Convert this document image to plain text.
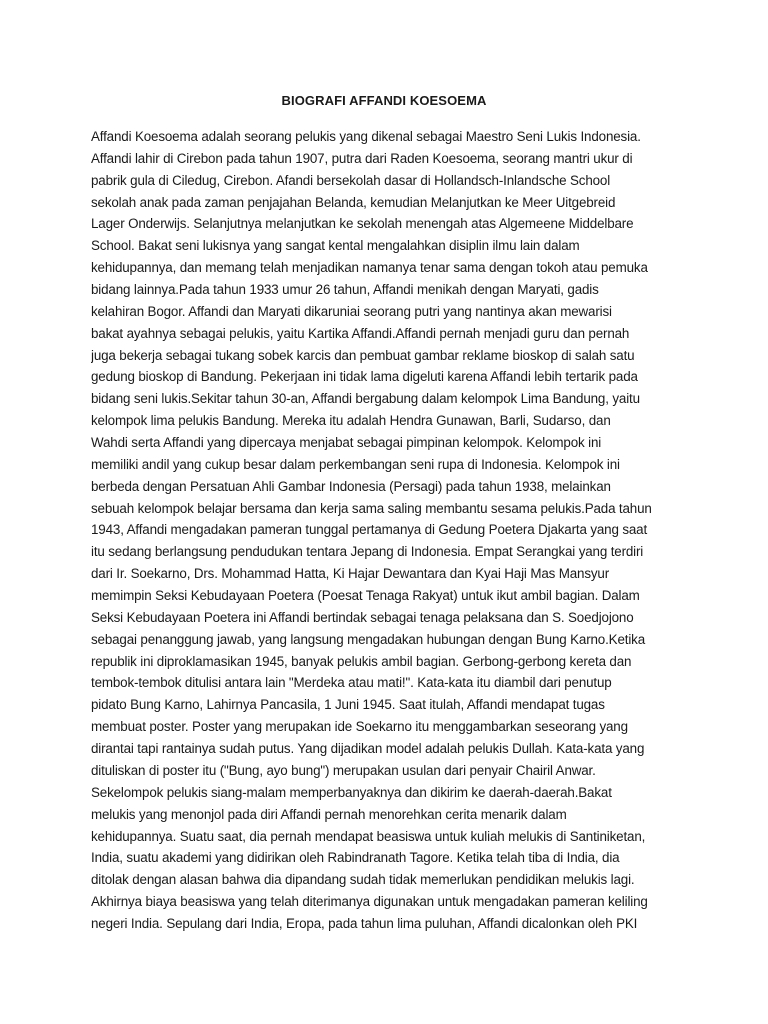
BIOGRAFI AFFANDI KOESOEMA
Affandi Koesoema adalah seorang pelukis yang dikenal sebagai Maestro Seni Lukis Indonesia.
Affandi lahir di Cirebon pada tahun 1907, putra dari Raden Koesoema, seorang mantri ukur di
pabrik gula di Ciledug, Cirebon. Afandi bersekolah dasar di Hollandsch-Inlandsche School
sekolah anak pada zaman penjajahan Belanda, kemudian Melanjutkan ke Meer Uitgebreid
Lager Onderwijs. Selanjutnya melanjutkan ke sekolah menengah atas Algemeene Middelbare
School. Bakat seni lukisnya yang sangat kental mengalahkan disiplin ilmu lain dalam
kehidupannya, dan memang telah menjadikan namanya tenar sama dengan tokoh atau pemuka
bidang lainnya.Pada tahun 1933 umur 26 tahun, Affandi menikah dengan Maryati, gadis
kelahiran Bogor. Affandi dan Maryati dikaruniai seorang putri yang nantinya akan mewarisi
bakat ayahnya sebagai pelukis, yaitu Kartika Affandi.Affandi pernah menjadi guru dan pernah
juga bekerja sebagai tukang sobek karcis dan pembuat gambar reklame bioskop di salah satu
gedung bioskop di Bandung. Pekerjaan ini tidak lama digeluti karena Affandi lebih tertarik pada
bidang seni lukis.Sekitar tahun 30-an, Affandi bergabung dalam kelompok Lima Bandung, yaitu
kelompok lima pelukis Bandung. Mereka itu adalah Hendra Gunawan, Barli, Sudarso, dan
Wahdi serta Affandi yang dipercaya menjabat sebagai pimpinan kelompok. Kelompok ini
memiliki andil yang cukup besar dalam perkembangan seni rupa di Indonesia. Kelompok ini
berbeda dengan Persatuan Ahli Gambar Indonesia (Persagi) pada tahun 1938, melainkan
sebuah kelompok belajar bersama dan kerja sama saling membantu sesama pelukis.Pada tahun
1943, Affandi mengadakan pameran tunggal pertamanya di Gedung Poetera Djakarta yang saat
itu sedang berlangsung pendudukan tentara Jepang di Indonesia. Empat Serangkai yang terdiri
dari Ir. Soekarno, Drs. Mohammad Hatta, Ki Hajar Dewantara dan Kyai Haji Mas Mansyur
memimpin Seksi Kebudayaan Poetera (Poesat Tenaga Rakyat) untuk ikut ambil bagian. Dalam
Seksi Kebudayaan Poetera ini Affandi bertindak sebagai tenaga pelaksana dan S. Soedjojono
sebagai penanggung jawab, yang langsung mengadakan hubungan dengan Bung Karno.Ketika
republik ini diproklamasikan 1945, banyak pelukis ambil bagian. Gerbong-gerbong kereta dan
tembok-tembok ditulisi antara lain "Merdeka atau mati!". Kata-kata itu diambil dari penutup
pidato Bung Karno, Lahirnya Pancasila, 1 Juni 1945. Saat itulah, Affandi mendapat tugas
membuat poster. Poster yang merupakan ide Soekarno itu menggambarkan seseorang yang
dirantai tapi rantainya sudah putus. Yang dijadikan model adalah pelukis Dullah. Kata-kata yang
dituliskan di poster itu ("Bung, ayo bung") merupakan usulan dari penyair Chairil Anwar.
Sekelompok pelukis siang-malam memperbanyaknya dan dikirim ke daerah-daerah.Bakat
melukis yang menonjol pada diri Affandi pernah menorehkan cerita menarik dalam
kehidupannya. Suatu saat, dia pernah mendapat beasiswa untuk kuliah melukis di Santiniketan,
India, suatu akademi yang didirikan oleh Rabindranath Tagore. Ketika telah tiba di India, dia
ditolak dengan alasan bahwa dia dipandang sudah tidak memerlukan pendidikan melukis lagi.
Akhirnya biaya beasiswa yang telah diterimanya digunakan untuk mengadakan pameran keliling
negeri India. Sepulang dari India, Eropa, pada tahun lima puluhan, Affandi dicalonkan oleh PKI
